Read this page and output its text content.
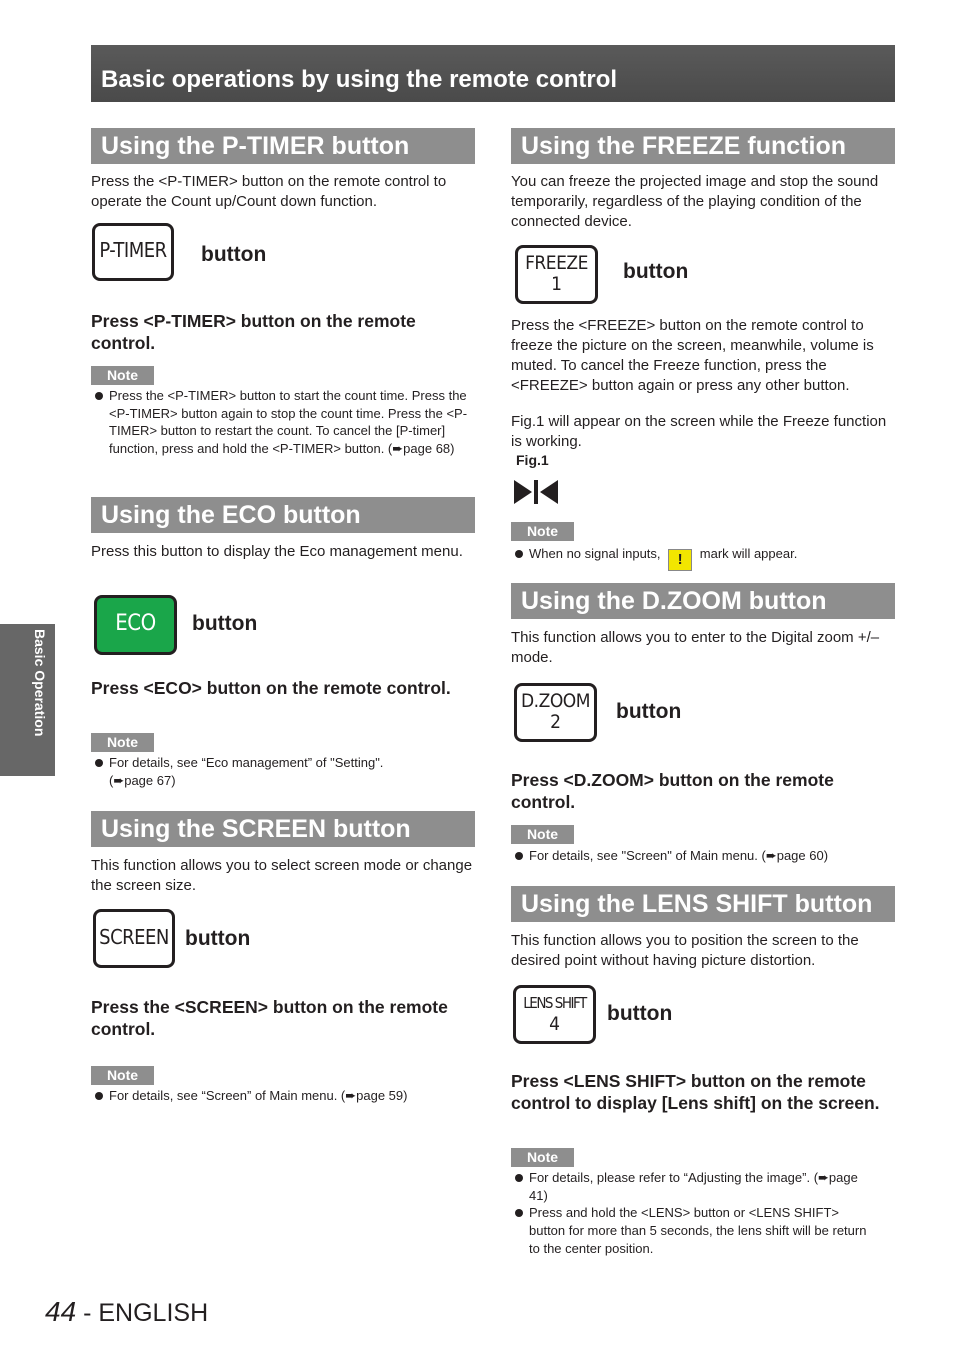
Basic operations by using the remote control
Basic Operation
Using the P-TIMER button
Press the <P-TIMER> button on the remote control to operate the Count up/Count down function.
P-TIMER button
Press <P-TIMER> button on the remote control.
Note
Press the <P-TIMER> button to start the count time. Press the <P-TIMER> button again to stop the count time. Press the <P-TIMER> button to restart the count. To cancel the [P-timer] function, press and hold the <P-TIMER> button. (➨page 68)
Using the ECO button
Press this button to display the Eco management menu.
ECO	button
Press <ECO> button on the remote control.
Note
For details, see “Eco management” of "Setting". (➨page 67)
Using the SCREEN button
This function allows you to select screen mode or change the screen size.
SCREEN button
Press the <SCREEN> button on the remote control.
Note
For details, see “Screen” of Main menu. (➨page 59)
Using the FREEZE function
You can freeze the projected image and stop the sound temporarily, regardless of the playing condition of the connected device.
FREEZE
1
button
Press the <FREEZE> button on the remote control to freeze the picture on the screen, meanwhile, volume is muted. To cancel the Freeze function, press the <FREEZE> button again or press any other button.
Fig.1 will appear on the screen while the Freeze function is working.
Fig.1
Note
When no signal inputs, ! mark will appear.
Using the D.ZOOM button
This function allows you to enter to the Digital zoom +/– mode.
D.ZOOM
2	button
Press <D.ZOOM> button on the remote control.
Note
For details, see "Screen" of Main menu. (➨page 60)
Using the LENS SHIFT button
This function allows you to position the screen to the desired point without having picture distortion.
LENS SHIFT
4	button
Press <LENS SHIFT> button on the remote control to display [Lens shift] on the screen.
Note
For details, please refer to “Adjusting the image”. (➨page 41)
Press and hold the <LENS> button or <LENS SHIFT> button for more than 5 seconds, the lens shift will be return to the center position.
44 - ENGLISH
